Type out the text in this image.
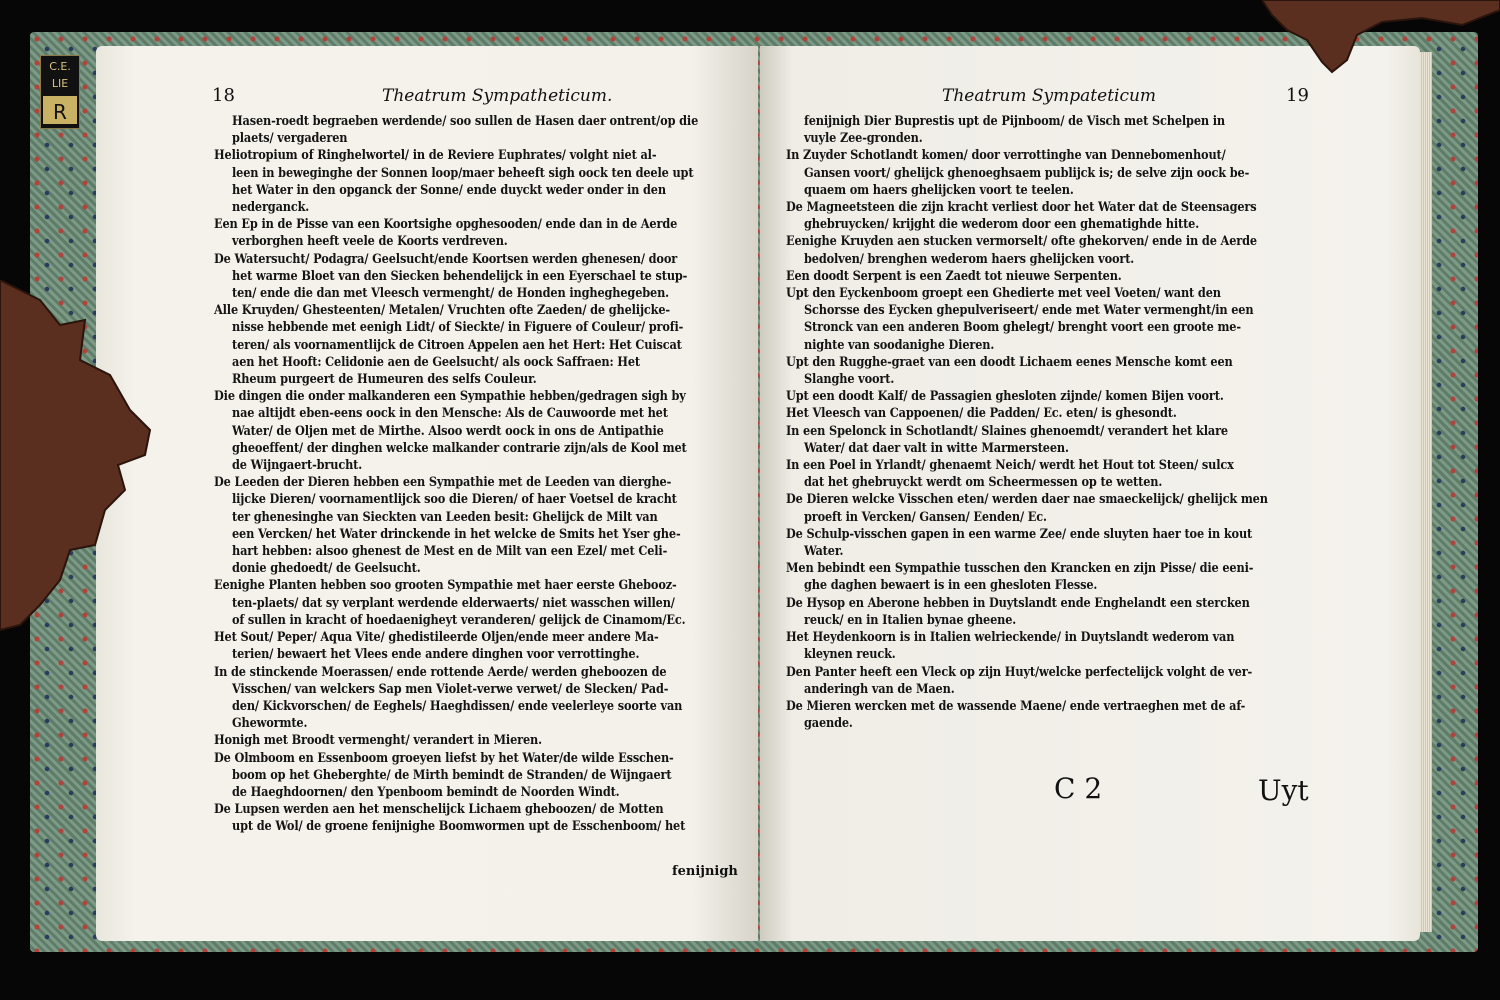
C.E.
LIE
R
18	Theatrum Sympatheticum.

Hasen-roedt begraeben werdende/ soo sullen de Hasen daer ontrent/op die

plaets/ vergaderen

Heliotropium of Ringhelwortel/ in de Reviere Euphrates/ volght niet al-

leen in beweginghe der Sonnen loop/maer beheeft sigh oock ten deele upt

het Water in den opganck der Sonne/ ende duyckt weder onder in den

nederganck.

Een Ep in de Pisse van een Koortsighe opghesooden/ ende dan in de Aerde

verborghen heeft veele de Koorts verdreven.

De Watersucht/ Podagra/ Geelsucht/ende Koortsen werden ghenesen/ door

het warme Bloet van den Siecken behendelijck in een Eyerschael te stup-

ten/ ende die dan met Vleesch vermenght/ de Honden ingheghegeben.

Alle Kruyden/ Ghesteenten/ Metalen/ Vruchten ofte Zaeden/ de ghelijcke-

nisse hebbende met eenigh Lidt/ of Sieckte/ in Figuere of Couleur/ profi-

teren/ als voornamentlijck de Citroen Appelen aen het Hert: Het Cuiscat

aen het Hooft: Celidonie aen de Geelsucht/ als oock Saffraen: Het

Rheum purgeert de Humeuren des selfs Couleur.

Die dingen die onder malkanderen een Sympathie hebben/gedragen sigh by

nae altijdt eben-eens oock in den Mensche: Als de Cauwoorde met het

Water/ de Oljen met de Mirthe. Alsoo werdt oock in ons de Antipathie

gheoeffent/ der dinghen welcke malkander contrarie zijn/als de Kool met

de Wijngaert-brucht.

De Leeden der Dieren hebben een Sympathie met de Leeden van dierghe-

lijcke Dieren/ voornamentlijck soo die Dieren/ of haer Voetsel de kracht

ter ghenesinghe van Sieckten van Leeden besit: Ghelijck de Milt van

een Vercken/ het Water drinckende in het welcke de Smits het Yser ghe-

hart hebben: alsoo ghenest de Mest en de Milt van een Ezel/ met Celi-

donie ghedoedt/ de Geelsucht.

Eenighe Planten hebben soo grooten Sympathie met haer eerste Ghebooz-

ten-plaets/ dat sy verplant werdende elderwaerts/ niet wasschen willen/

of sullen in kracht of hoedaenigheyt veranderen/ gelijck de Cinamom/Ec.

Het Sout/ Peper/ Aqua Vite/ ghedistileerde Oljen/ende meer andere Ma-

terien/ bewaert het Vlees ende andere dinghen voor verrottinghe.

In de stinckende Moerassen/ ende rottende Aerde/ werden gheboozen de

Visschen/ van welckers Sap men Violet-verwe verwet/ de Slecken/ Pad-

den/ Kickvorschen/ de Eeghels/ Haeghdissen/ ende veelerleye soorte van

Ghewormte.

Honigh met Broodt vermenght/ verandert in Mieren.

De Olmboom en Essenboom groeyen liefst by het Water/de wilde Esschen-

boom op het Gheberghte/ de Mirth bemindt de Stranden/ de Wijngaert

de Haeghdoornen/ den Ypenboom bemindt de Noorden Windt.

De Lupsen werden aen het menschelijck Lichaem gheboozen/ de Motten

upt de Wol/ de groene fenijnighe Boomwormen upt de Esschenboom/ het

fenijnigh
Theatrum Sympateticum	19

fenijnigh Dier Buprestis upt de Pijnboom/ de Visch met Schelpen in

vuyle Zee-gronden.

In Zuyder Schotlandt komen/ door verrottinghe van Dennebomenhout/

Gansen voort/ ghelijck ghenoeghsaem publijck is; de selve zijn oock be-

quaem om haers ghelijcken voort te teelen.

De Magneetsteen die zijn kracht verliest door het Water dat de Steensagers

ghebruycken/ krijght die wederom door een ghematighde hitte.

Eenighe Kruyden aen stucken vermorselt/ ofte ghekorven/ ende in de Aerde

bedolven/ brenghen wederom haers ghelijcken voort.

Een doodt Serpent is een Zaedt tot nieuwe Serpenten.

Upt den Eyckenboom groept een Ghedierte met veel Voeten/ want den

Schorsse des Eycken ghepulveriseert/ ende met Water vermenght/in een

Stronck van een anderen Boom ghelegt/ brenght voort een groote me-

nighte van soodanighe Dieren.

Upt den Rugghe-graet van een doodt Lichaem eenes Mensche komt een

Slanghe voort.

Upt een doodt Kalf/ de Passagien ghesloten zijnde/ komen Bijen voort.

Het Vleesch van Cappoenen/ die Padden/ Ec. eten/ is ghesondt.

In een Spelonck in Schotlandt/ Slaines ghenoemdt/ verandert het klare

Water/ dat daer valt in witte Marmersteen.

In een Poel in Yrlandt/ ghenaemt Neich/ werdt het Hout tot Steen/ sulcx

dat het ghebruyckt werdt om Scheermessen op te wetten.

De Dieren welcke Visschen eten/ werden daer nae smaeckelijck/ ghelijck men

proeft in Vercken/ Gansen/ Eenden/ Ec.

De Schulp-visschen gapen in een warme Zee/ ende sluyten haer toe in kout

Water.

Men bebindt een Sympathie tusschen den Krancken en zijn Pisse/ die eeni-

ghe daghen bewaert is in een ghesloten Flesse.

De Hysop en Aberone hebben in Duytslandt ende Enghelandt een stercken

reuck/ en in Italien bynae gheene.

Het Heydenkoorn is in Italien welrieckende/ in Duytslandt wederom van

kleynen reuck.

Den Panter heeft een Vleck op zijn Huyt/welcke perfectelijck volght de ver-

anderingh van de Maen.

De Mieren wercken met de wassende Maene/ ende vertraeghen met de af-

gaende.

C 2	Uyt
